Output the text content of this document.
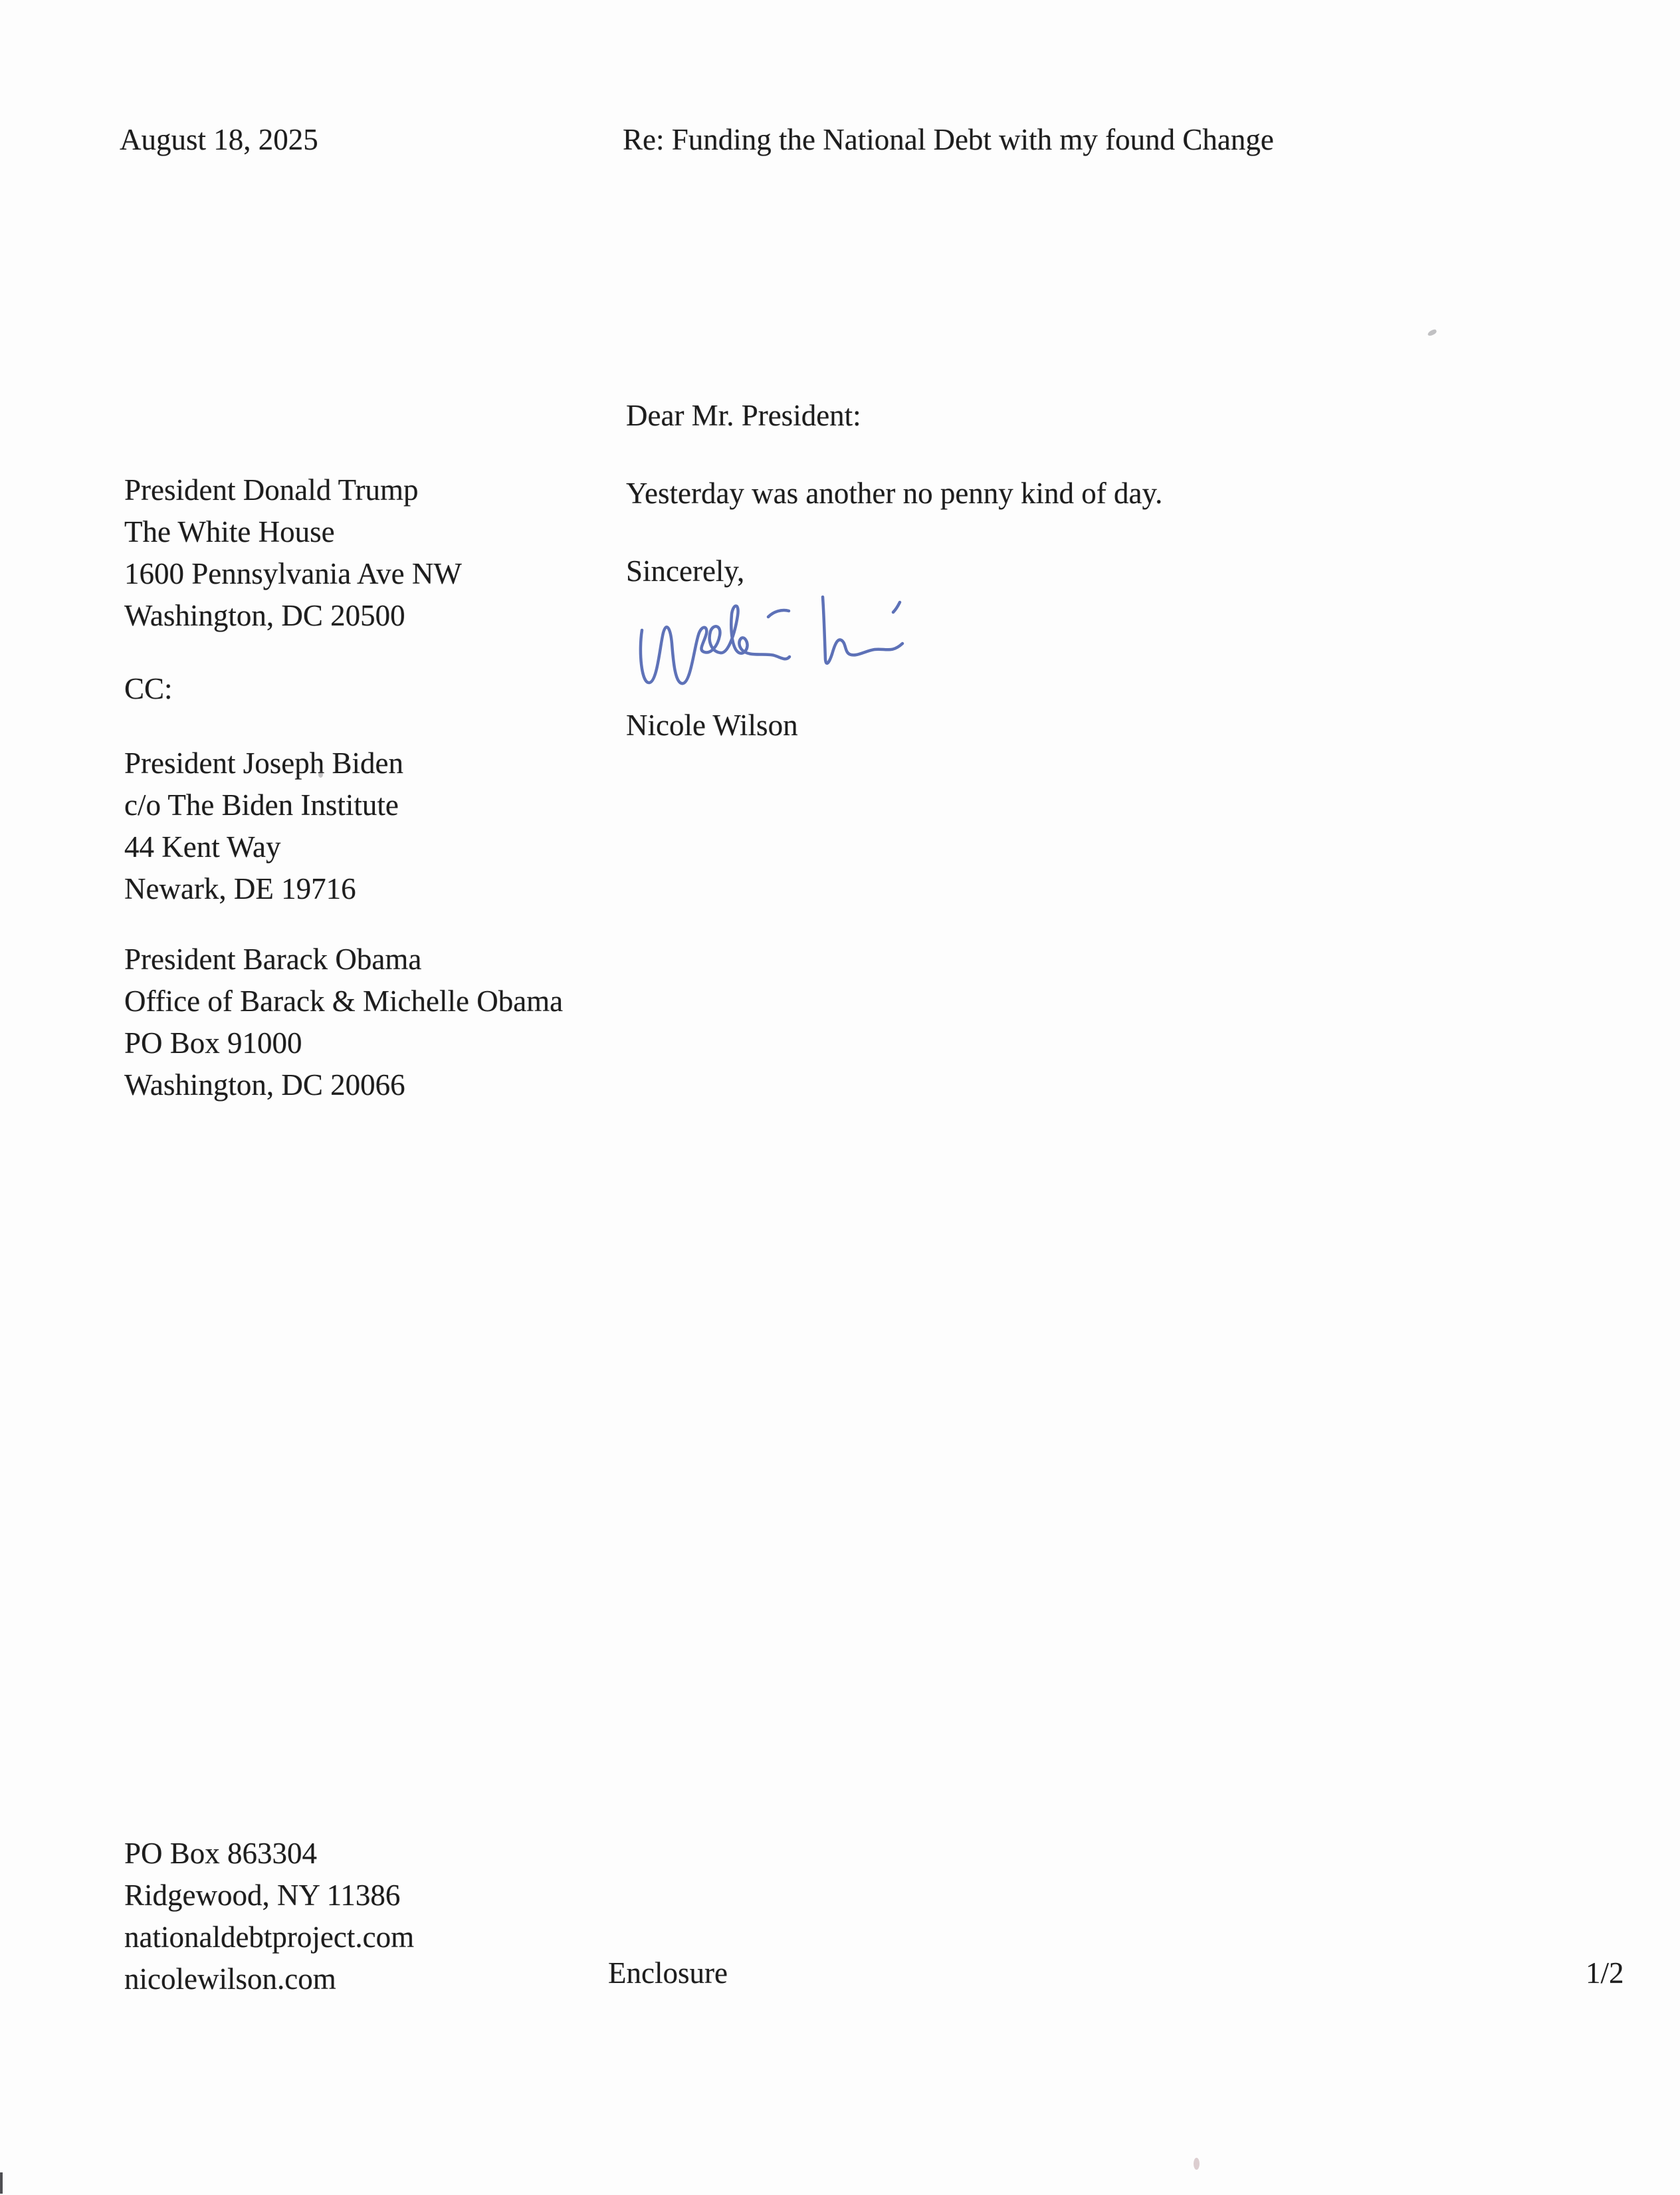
August 18, 2025	Re: Funding the National Debt with my found Change
President Donald Trump
The White House
1600 Pennsylvania Ave NW
Washington, DC 20500
CC:
President Joseph Biden
c/o The Biden Institute
44 Kent Way
Newark, DE 19716
President Barack Obama
Office of Barack & Michelle Obama
PO Box 91000
Washington, DC 20066
Dear Mr. President:
Yesterday was another no penny kind of day.
Sincerely,
Nicole Wilson
PO Box 863304
Ridgewood, NY 11386
nationaldebtproject.com
nicolewilson.com	Enclosure	1/2
